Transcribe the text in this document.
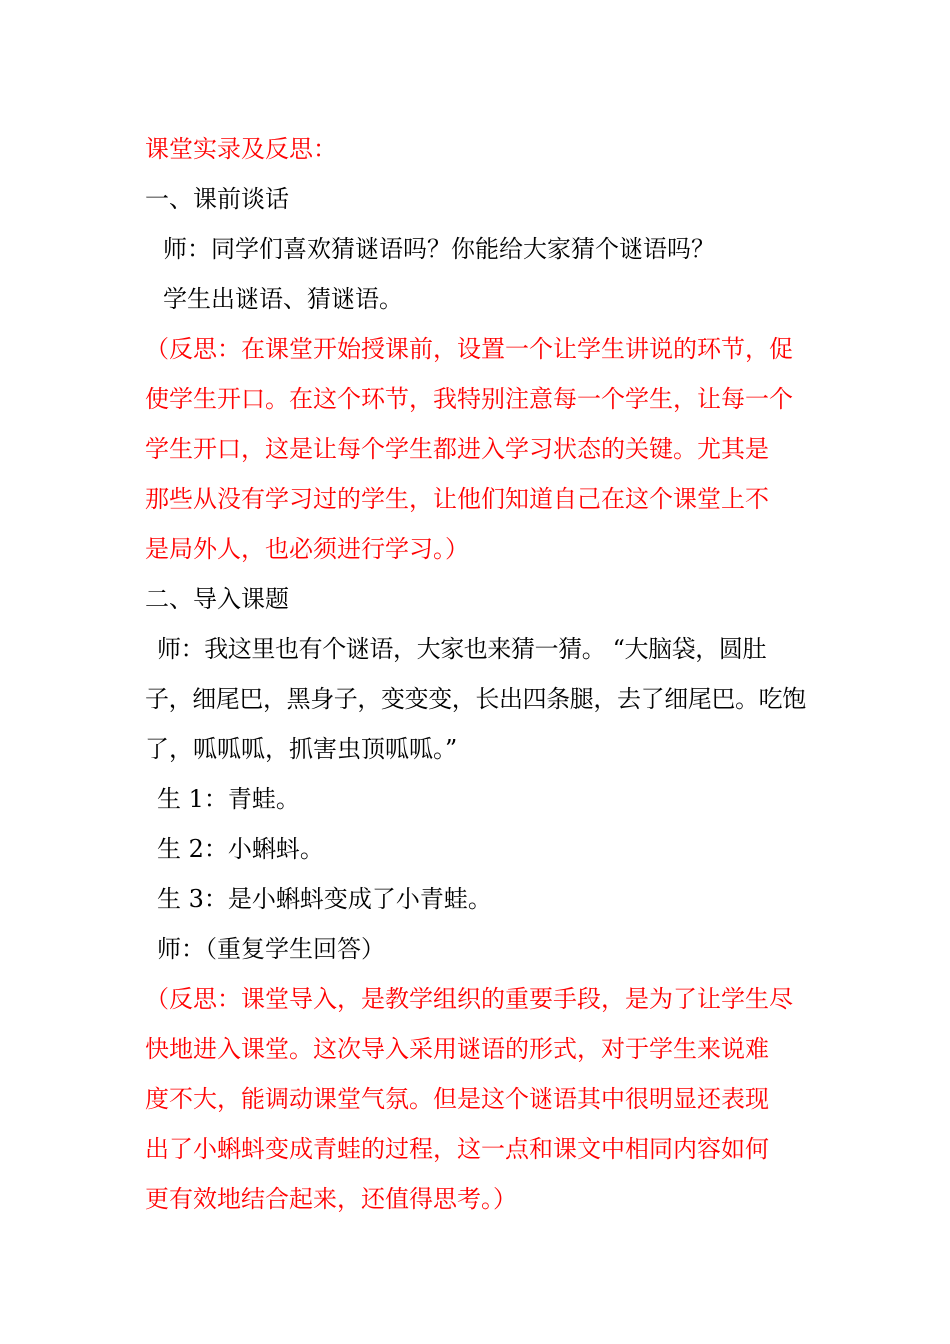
课堂实录及反思：
一、课前谈话
师：同学们喜欢猜谜语吗？你能给大家猜个谜语吗？
学生出谜语、猜谜语。
（反思：在课堂开始授课前，设置一个让学生讲说的环节，促
使学生开口。在这个环节，我特别注意每一个学生，让每一个
学生开口，这是让每个学生都进入学习状态的关键。尤其是
那些从没有学习过的学生，让他们知道自己在这个课堂上不
是局外人，也必须进行学习。）
二、导入课题
师：我这里也有个谜语，大家也来猜一猜。 “大脑袋，圆肚
子，细尾巴，黑身子，变变变，长出四条腿，去了细尾巴。吃饱
了，呱呱呱，抓害虫顶呱呱。”
生 1：青蛙。
生 2：小蝌蚪。
生 3：是小蝌蚪变成了小青蛙。
师：（重复学生回答）
（反思：课堂导入，是教学组织的重要手段，是为了让学生尽
快地进入课堂。这次导入采用谜语的形式，对于学生来说难
度不大，能调动课堂气氛。但是这个谜语其中很明显还表现
出了小蝌蚪变成青蛙的过程，这一点和课文中相同内容如何
更有效地结合起来，还值得思考。）
